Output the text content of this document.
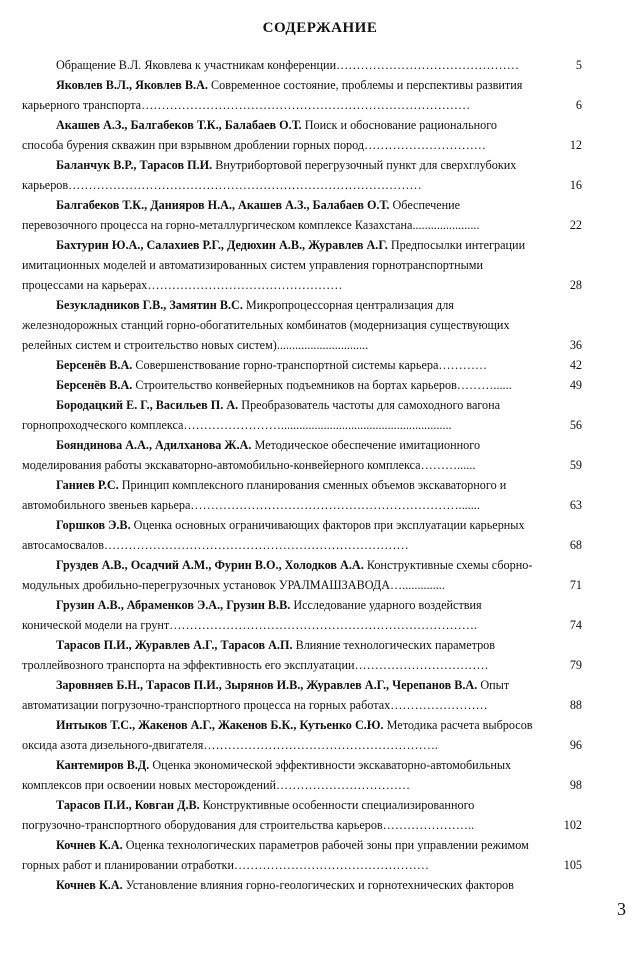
СОДЕРЖАНИЕ
Обращение В.Л. Яковлева к участникам конференции………………………………………	5
Яковлев В.Л., Яковлев В.А. Современное состояние, проблемы и перспективы развития карьерного транспорта………………………………………………………………………	6
Акашев А.З., Балгабеков Т.К., Балабаев О.Т. Поиск и обоснование рационального способа бурения скважин при взрывном дроблении горных пород…………………………	12
Баланчук В.Р., Тарасов П.И. Внутрибортовой перегрузочный пункт для сверхглубоких карьеров……………………………………………………………………………	16
Балгабеков Т.К., Данияров Н.А., Акашев А.З., Балабаев О.Т. Обеспечение перевозочного процесса на горно-металлургическом комплексе Казахстана......................	22
Бахтурин Ю.А., Салахиев Р.Г., Дедюхин А.В., Журавлев А.Г. Предпосылки интеграции имитационных моделей и автоматизированных систем управления горнотранспортными процессами на карьерах…………………………………………	28
Безукладников Г.В., Замятин В.С. Микропроцессорная централизация для железнодорожных станций горно-обогатительных комбинатов (модернизация существующих релейных систем и строительство новых систем)..............................	36
Берсенёв В.А. Совершенствование горно-транспортной системы карьера…………	42
Берсенёв В.А. Строительство конвейерных подъемников на бортах карьеров………......	49
Бородацкий Е. Г., Васильев П. А. Преобразователь частоты для самоходного вагона горнопроходческого комплекса……………………........................................................	56
Бояндинова А.А., Адилханова Ж.А. Методическое обеспечение имитационного моделирования работы экскаваторно-автомобильно-конвейерного комплекса………......	59
Ганиев Р.С. Принцип комплексного планирования сменных объемов экскаваторного и автомобильного звеньев карьера………………………………………………………….......	63
Горшков Э.В. Оценка основных ограничивающих факторов при эксплуатации карьерных автосамосвалов…………………………………………………………………	68
Груздев А.В., Осадчий А.М., Фурин В.О., Холодков А.А. Конструктивные схемы сборно-модульных дробильно-перегрузочных установок УРАЛМАШЗАВОДА…..............	71
Грузин А.В., Абраменков Э.А., Грузин В.В. Исследование ударного воздействия конической модели на грунт………………………………………………………………….	74
Тарасов П.И., Журавлев А.Г., Тарасов А.П. Влияние технологических параметров троллейвозного транспорта на эффективность его эксплуатации……………………………	79
Заровняев Б.Н., Тарасов П.И., Зырянов И.В., Журавлев А.Г., Черепанов В.А. Опыт автоматизации погрузочно-транспортного процесса на горных работах……………………	88
Интыков Т.С., Жакенов А.Г., Жакенов Б.К., Кутьенко С.Ю. Методика расчета выбросов оксида азота дизельного-двигателя………………………………………………….	96
Кантемиров В.Д. Оценка экономической эффективности экскаваторно-автомобильных комплексов при освоении новых месторождений……………………………	98
Тарасов П.И., Ковган Д.В. Конструктивные особенности специализированного погрузочно-транспортного оборудования для строительства карьеров…………………..	102
Кочнев К.А. Оценка технологических параметров рабочей зоны при управлении режимом горных работ и планировании отработки…………………………………………	105
Кочнев К.А. Установление влияния горно-геологических и горнотехнических факторов
3
